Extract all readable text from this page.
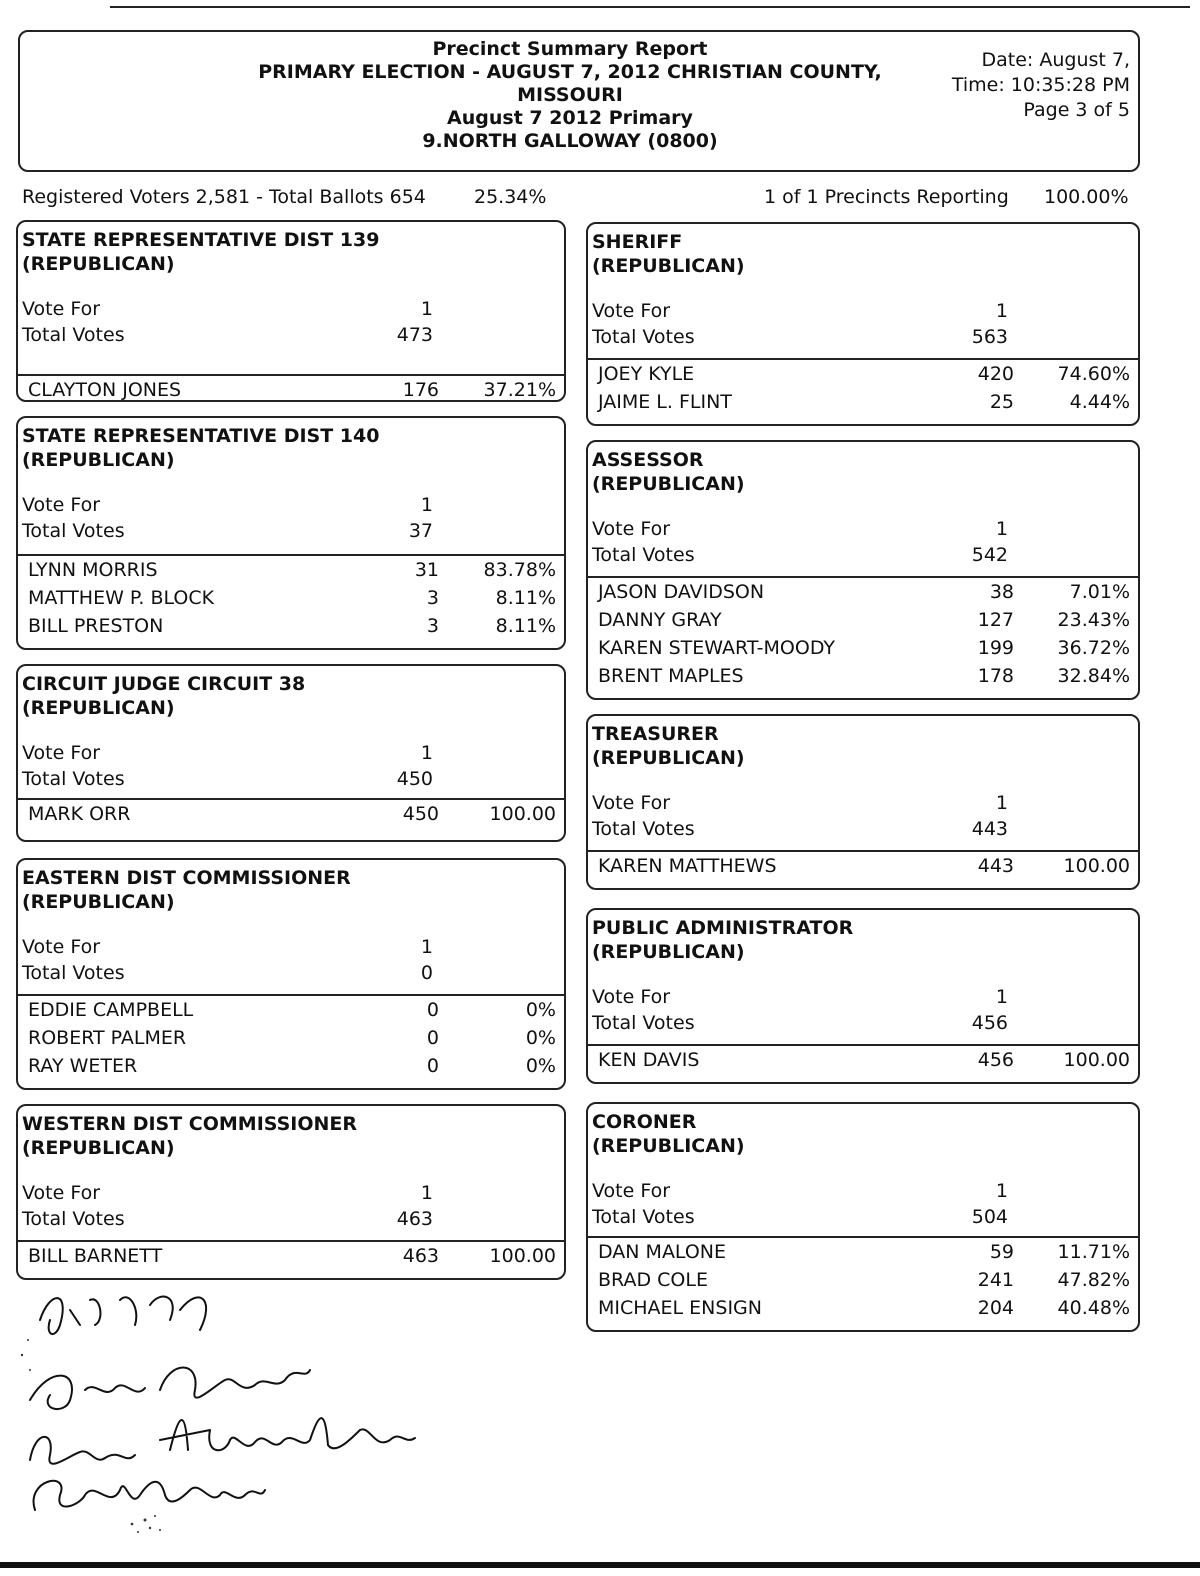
Precinct Summary Report
PRIMARY ELECTION - AUGUST 7, 2012 CHRISTIAN COUNTY,
MISSOURI
August 7 2012 Primary
9.NORTH GALLOWAY (0800)
Date: August 7,
Time: 10:35:28 PM
Page 3 of 5
Registered Voters 2,581 - Total Ballots 654	25.34%	1 of 1 Precincts Reporting 100.00%
STATE REPRESENTATIVE DIST 139
(REPUBLICAN)
Vote For	1
Total Votes	473
CLAYTON JONES	176 37.21%
STATE REPRESENTATIVE DIST 140
(REPUBLICAN)
Vote For	1
Total Votes	37
LYNN MORRIS	31 83.78%
MATTHEW P. BLOCK	3	8.11%
BILL PRESTON	3	8.11%
CIRCUIT JUDGE CIRCUIT 38
(REPUBLICAN)
Vote For	1
Total Votes	450
MARK ORR	450	100.00
EASTERN DIST COMMISSIONER
(REPUBLICAN)
Vote For	1
Total Votes	0
EDDIE CAMPBELL	0	0%
ROBERT PALMER	0	0%
RAY WETER	0	0%
WESTERN DIST COMMISSIONER
(REPUBLICAN)
Vote For	1
Total Votes	463
BILL BARNETT	463	100.00
SHERIFF
(REPUBLICAN)
Vote For	1
Total Votes	563
JOEY KYLE	420 74.60%
JAIME L. FLINT	25	4.44%
ASSESSOR
(REPUBLICAN)
Vote For	1
Total Votes	542
JASON DAVIDSON	38	7.01%
DANNY GRAY	127 23.43%
KAREN STEWART-MOODY	199 36.72%
BRENT MAPLES	178 32.84%
TREASURER
(REPUBLICAN)
Vote For	1
Total Votes	443
KAREN MATTHEWS	443	100.00
PUBLIC ADMINISTRATOR
(REPUBLICAN)
Vote For	1
Total Votes	456
KEN DAVIS	456	100.00
CORONER
(REPUBLICAN)
Vote For	1
Total Votes	504
DAN MALONE	59 11.71%
BRAD COLE	241 47.82%
MICHAEL ENSIGN	204 40.48%
